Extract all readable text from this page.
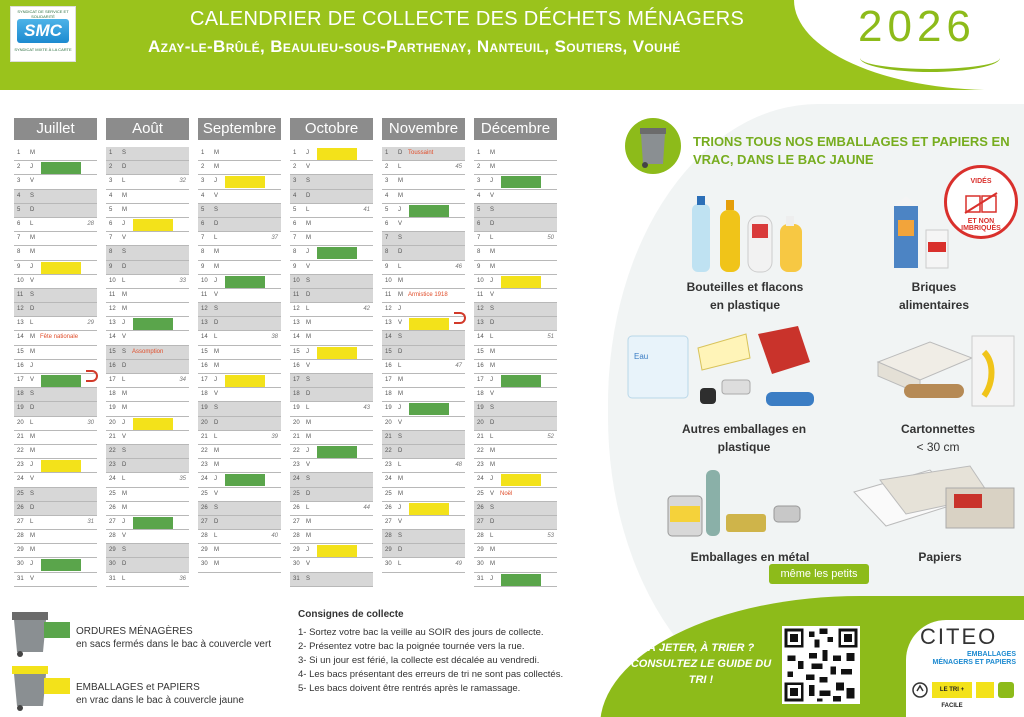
SYNDICAT DE SERVICE ET SOLIDARITÉ
SMC
SYNDICAT MIXTE À LA CARTE
CALENDRIER DE COLLECTE DES DÉCHETS MÉNAGERS
Azay-le-Brûlé, Beaulieu-sous-Parthenay, Nanteuil, Soutiers, Vouhé	2026
Juillet
1	M
2	J
3	V
4	S
5	D
6	L	28
7	M
8	M
9	J
10	V
11	S
12	D
13	L	29
14	M Fête nationale
15	M
16	J
17	V
18	S
19	D
20	L	30
21	M
22	M
23	J
24	V
25	S
26	D
27	L	31
28	M
29	M
30	J
31	V
Août
1	S
2	D
3	L	32
4	M
5	M
6	J
7	V
8	S
9	D
10	L	33
11	M
12	M
13	J
14	V
15	S Assomption
16	D
17	L	34
18	M
19	M
20	J
21	V
22	S
23	D
24	L	35
25	M
26	M
27	J
28	V
29	S
30	D
31	L	36
Septembre
1	M
2	M
3	J
4	V
5	S
6	D
7	L	37
8	M
9	M
10	J
11	V
12	S
13	D
14	L	38
15	M
16	M
17	J
18	V
19	S
20	D
21	L	39
22	M
23	M
24	J
25	V
26	S
27	D
28	L	40
29	M
30	M
Octobre
1	J
2	V
3	S
4	D
5	L	41
6	M
7	M
8	J
9	V
10	S
11	D
12	L	42
13	M
14	M
15	J
16	V
17	S
18	D
19	L	43
20	M
21	M
22	J
23	V
24	S
25	D
26	L	44
27	M
28	M
29	J
30	V
31	S
Novembre
1	D Toussaint
2	L	45
3	M
4	M
5	J
6	V
7	S
8	D
9	L	46
10	M
11	M Armistice 1918
12	J
13	V
14	S
15	D
16	L	47
17	M
18	M
19	J
20	V
21	S
22	D
23	L	48
24	M
25	M
26	J
27	V
28	S
29	D
30	L	49
Décembre
1	M
2	M
3	J
4	V
5	S
6	D
7	L	50
8	M
9	M
10	J
11	V
12	S
13	D
14	L	51
15	M
16	M
17	J
18	V
19	S
20	D
21	L	52
22	M
23	M
24	J
25	V Noël
26	S
27	D
28	L	53
29	M
30	M
31	J
TRIONS TOUS NOS EMBALLAGES ET PAPIERS EN VRAC, DANS LE BAC JAUNE
Bouteilles et flacons en plastique
VIDÉS
ET NON IMBRIQUÉS
Briques alimentaires
Eau
Autres emballages en plastique
Cartonnettes
< 30 cm
Emballages en métal
même les petits
Papiers
ORDURES MÉNAGÈRES
en sacs fermés dans le bac à couvercle vert
EMBALLAGES et PAPIERS
en vrac dans le bac à couvercle jaune
Consignes de collecte
1- Sortez votre bac la veille au SOIR des jours de collecte.
2- Présentez votre bac la poignée tournée vers la rue.
3- Si un jour est férié, la collecte est décalée au vendredi.
4- Les bacs présentant des erreurs de tri ne sont pas collectés.
5- Les bacs doivent être rentrés après le ramassage.
À JETER, À TRIER ? CONSULTEZ LE GUIDE DU TRI !
CITEO
EMBALLAGES
MÉNAGERS ET PAPIERS
LE TRI + FACILE
